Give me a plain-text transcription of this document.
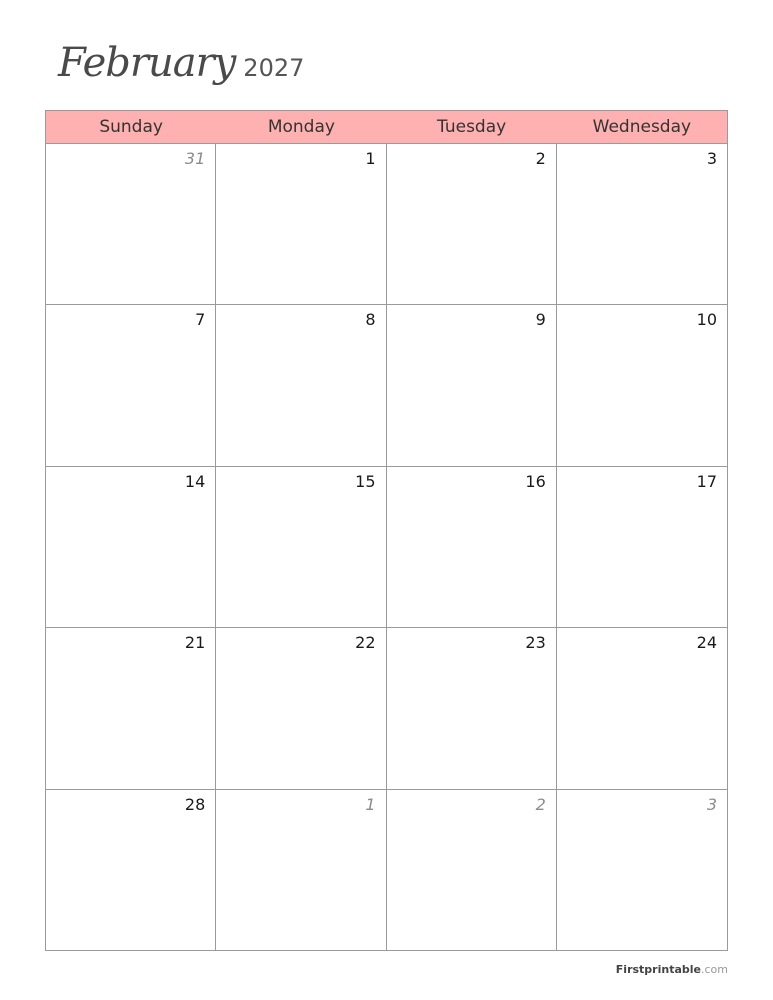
February 2027
Sunday	Monday	Tuesday	Wednesday
31	1	2	3
7	8	9	10
14	15	16	17
21	22	23	24
28	1	2	3
Firstprintable.com
